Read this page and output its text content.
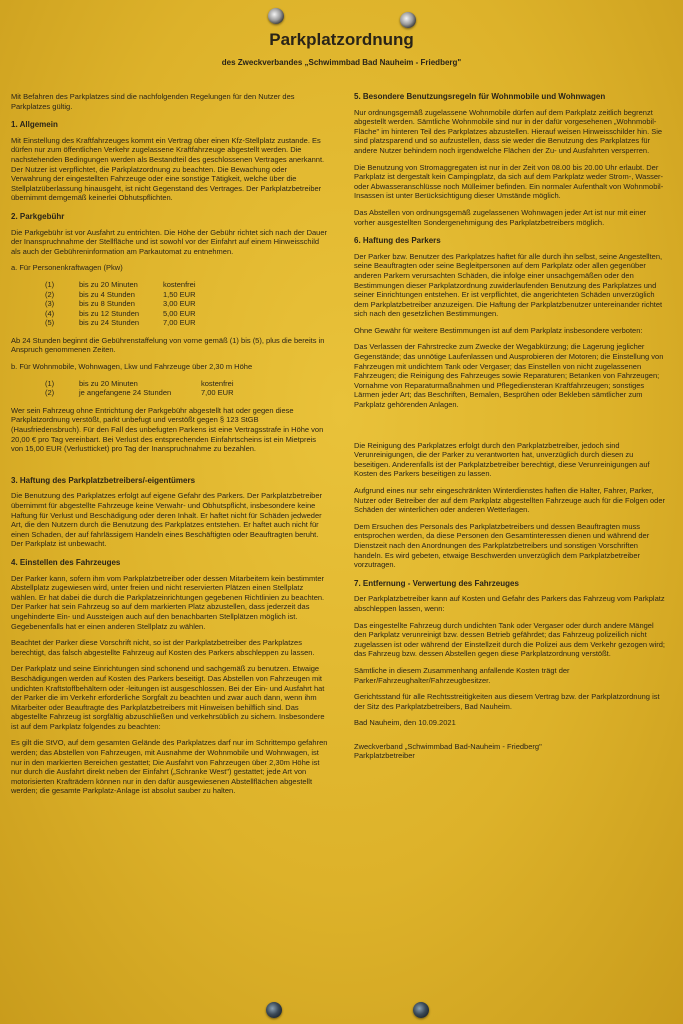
Parkplatzordnung
des Zweckverbandes „Schwimmbad Bad Nauheim - Friedberg"

Mit Befahren des Parkplatzes sind die nachfolgenden Regelungen für den Nutzer des Parkplatzes gültig.

1. Allgemein

Mit Einstellung des Kraftfahrzeuges kommt ein Vertrag über einen Kfz-Stellplatz zustande. Es dürfen nur zum öffentlichen Verkehr zugelassene Kraftfahrzeuge abgestellt werden. Die nachstehenden Bedingungen werden als Bestandteil des geschlossenen Vertrages anerkannt. Der Nutzer ist verpflichtet, die Parkplatzordnung zu beachten. Die Bewachung oder Verwahrung der eingestellten Fahrzeuge oder eine sonstige Tätigkeit, welche über die Stellplatzüberlassung hinausgeht, ist nicht Gegenstand des Vertrages. Der Parkplatzbetreiber übernimmt demgemäß keinerlei Obhutspflichten.

2. Parkgebühr

Die Parkgebühr ist vor Ausfahrt zu entrichten. Die Höhe der Gebühr richtet sich nach der Dauer der Inanspruchnahme der Stellfläche und ist sowohl vor der Einfahrt auf einem Hinweisschild als auch der Gebühreninformation am Parkautomat zu entnehmen.

a. Für Personenkraftwagen (Pkw)

(1)	bis zu 20 Minuten	kostenfrei
(2)	bis zu 4 Stunden	1,50 EUR
(3)	bis zu 8 Stunden	3,00 EUR
(4)	bis zu 12 Stunden	5,00 EUR
(5)	bis zu 24 Stunden	7,00 EUR

Ab 24 Stunden beginnt die Gebührenstaffelung von vorne gemäß (1) bis (5), plus die bereits in Anspruch genommenen Zeiten.

b. Für Wohnmobile, Wohnwagen, Lkw und Fahrzeuge über 2,30 m Höhe

(1)	bis zu 20 Minuten	kostenfrei
(2)	je angefangene 24 Stunden	7,00 EUR

Wer sein Fahrzeug ohne Entrichtung der Parkgebühr abgestellt hat oder gegen diese Parkplatzordnung verstößt, parkt unbefugt und verstößt gegen § 123 StGB (Hausfriedensbruch). Für den Fall des unbefugten Parkens ist eine Vertragsstrafe in Höhe von 20,00 € pro Tag vereinbart. Bei Verlust des entsprechenden Einfahrtscheins ist ein Mietpreis von 15,00 EUR (Verlustticket) pro Tag der Inanspruchnahme zu bezahlen.

3. Haftung des Parkplatzbetreibers/-eigentümers

Die Benutzung des Parkplatzes erfolgt auf eigene Gefahr des Parkers. Der Parkplatzbetreiber übernimmt für abgestellte Fahrzeuge keine Verwahr- und Obhutspflicht, insbesondere keine Haftung für Verlust und Beschädigung oder deren Inhalt. Er haftet nicht für Schäden jedweder Art, die den Nutzern durch die Benutzung des Parkplatzes entstehen. Er haftet auch nicht für einen Schaden, der auf fahrlässigem Handeln eines Beschäftigten oder Beauftragten beruht. Der Parkplatz ist unbewacht.

4. Einstellen des Fahrzeuges

Der Parker kann, sofern ihm vom Parkplatzbetreiber oder dessen Mitarbeitern kein bestimmter Abstellplatz zugewiesen wird, unter freien und nicht reservierten Plätzen einen Stellplatz wählen. Er hat dabei die durch die Parkplatzeinrichtungen gegebenen Richtlinien zu beachten. Der Parker hat sein Fahrzeug so auf dem markierten Platz abzustellen, dass jederzeit das ungehinderte Ein- und Aussteigen auch auf den benachbarten Stellplätzen möglich ist. Gegebenenfalls hat er einen anderen Stellplatz zu wählen.

Beachtet der Parker diese Vorschrift nicht, so ist der Parkplatzbetreiber des Parkplatzes berechtigt, das falsch abgestellte Fahrzeug auf Kosten des Parkers abschleppen zu lassen.

Der Parkplatz und seine Einrichtungen sind schonend und sachgemäß zu benutzen. Etwaige Beschädigungen werden auf Kosten des Parkers beseitigt. Das Abstellen von Fahrzeugen mit undichten Kraftstoffbehältern oder -leitungen ist ausgeschlossen. Bei der Ein- und Ausfahrt hat der Parker die im Verkehr erforderliche Sorgfalt zu beachten und zwar auch dann, wenn ihm Mitarbeiter oder Beauftragte des Parkplatzbetreibers mit Hinweisen behilflich sind. Das abgestellte Fahrzeug ist sorgfältig abzuschließen und verkehrsüblich zu sichern. Insbesondere ist auf dem Parkplatz folgendes zu beachten:

Es gilt die StVO, auf dem gesamten Gelände des Parkplatzes darf nur im Schrittempo gefahren werden; das Abstellen von Fahrzeugen, mit Ausnahme der Wohnmobile und Wohnwagen, ist nur in den markierten Bereichen gestattet; Die Ausfahrt von Fahrzeugen über 2,30m Höhe ist nur durch die Ausfahrt direkt neben der Einfahrt („Schranke West") gestattet; jede Art von motorisierten Krafträdern können nur in den dafür ausgewiesenen Abstellflächen abgestellt werden; die gesamte Parkplatz-Anlage ist absolut sauber zu halten.

5. Besondere Benutzungsregeln für Wohnmobile und Wohnwagen

Nur ordnungsgemäß zugelassene Wohnmobile dürfen auf dem Parkplatz zeitlich begrenzt abgestellt werden. Sämtliche Wohnmobile sind nur in der dafür vorgesehenen „Wohnmobil-Fläche" im hinteren Teil des Parkplatzes abzustellen. Hierauf weisen Hinweisschilder hin. Sie sind platzsparend und so aufzustellen, dass sie weder die Benutzung des Parkplatzes für andere Nutzer behindern noch irgendwelche Flächen der Zu- und Ausfahrten versperren.

Die Benutzung von Stromaggregaten ist nur in der Zeit von 08.00 bis 20.00 Uhr erlaubt. Der Parkplatz ist dergestalt kein Campingplatz, da sich auf dem Parkplatz weder Strom-, Wasser- oder Abwasseranschlüsse noch Mülleimer befinden. Ein normaler Aufenthalt von Wohnmobil-Insassen ist unter Berücksichtigung dieser Umstände möglich.

Das Abstellen von ordnungsgemäß zugelassenen Wohnwagen jeder Art ist nur mit einer vorher ausgestellten Sondergenehmigung des Parkplatzbetreibers möglich.

6. Haftung des Parkers

Der Parker bzw. Benutzer des Parkplatzes haftet für alle durch ihn selbst, seine Angestellten, seine Beauftragten oder seine Begleitpersonen auf dem Parkplatz oder allen gegenüber anderen Parkern verursachten Schäden, die infolge einer unsachgemäßen oder den Bestimmungen dieser Parkplatzordnung zuwiderlaufenden Benutzung des Parkplatzes und seiner Einrichtungen entstehen. Er ist verpflichtet, die angerichteten Schäden unverzüglich dem Parkplatzbetreiber anzuzeigen. Die Haftung der Parkplatzbenutzer untereinander richtet sich nach den gesetzlichen Bestimmungen.

Ohne Gewähr für weitere Bestimmungen ist auf dem Parkplatz insbesondere verboten:

Das Verlassen der Fahrstrecke zum Zwecke der Wegabkürzung; die Lagerung jeglicher Gegenstände; das unnötige Laufenlassen und Ausprobieren der Motoren; die Einstellung von Fahrzeugen mit undichtem Tank oder Vergaser; das Einstellen von nicht zugelassenen Fahrzeugen; die Reinigung des Fahrzeuges sowie Reparaturen; Betanken von Fahrzeugen; Vornahme von Reparaturmaßnahmen und Pflegediensteran Kraftfahrzeugen; sonstiges Lärmen jeder Art; das Beschriften, Bemalen, Besprühen oder Bekleben sämtlicher zum Parkplatz gehörenden Anlagen.

Die Reinigung des Parkplatzes erfolgt durch den Parkplatzbetreiber, jedoch sind Verunreinigungen, die der Parker zu verantworten hat, unverzüglich durch diesen zu beseitigen. Anderenfalls ist der Parkplatzbetreiber berechtigt, diese Verunreinigungen auf Kosten des Parkers beseitigen zu lassen.

Aufgrund eines nur sehr eingeschränkten Winterdienstes haften die Halter, Fahrer, Parker, Nutzer oder Betreiber der auf dem Parkplatz abgestellten Fahrzeuge auch für die Folgen oder Schäden der winterlichen oder anderen Wetterlagen.

Dem Ersuchen des Personals des Parkplatzbetreibers und dessen Beauftragten muss entsprochen werden, da diese Personen den Gesamtinteressen dienen und während der Dienstzeit nach den Anordnungen des Parkplatzbetreibers und sonstigen Vorschriften handeln. Es wird gebeten, etwaige Beschwerden unverzüglich dem Parkplatzbetreiber vorzutragen.

7. Entfernung - Verwertung des Fahrzeuges

Der Parkplatzbetreiber kann auf Kosten und Gefahr des Parkers das Fahrzeug vom Parkplatz abschleppen lassen, wenn:

Das eingestellte Fahrzeug durch undichten Tank oder Vergaser oder durch andere Mängel den Parkplatz verunreinigt bzw. dessen Betrieb gefährdet; das Fahrzeug polizeilich nicht zugelassen ist oder während der Einstellzeit durch die Polizei aus dem Verkehr gezogen wird; das Fahrzeug bzw. dessen Abstellen gegen diese Parkplatzordnung verstößt.

Sämtliche in diesem Zusammenhang anfallende Kosten trägt der Parker/Fahrzeughalter/Fahrzeugbesitzer.

Gerichtsstand für alle Rechtsstreitigkeiten aus diesem Vertrag bzw. der Parkplatzordnung ist der Sitz des Parkplatzbetreibers, Bad Nauheim.

Bad Nauheim, den 10.09.2021

Zweckverband „Schwimmbad Bad-Nauheim - Friedberg"
Parkplatzbetreiber
